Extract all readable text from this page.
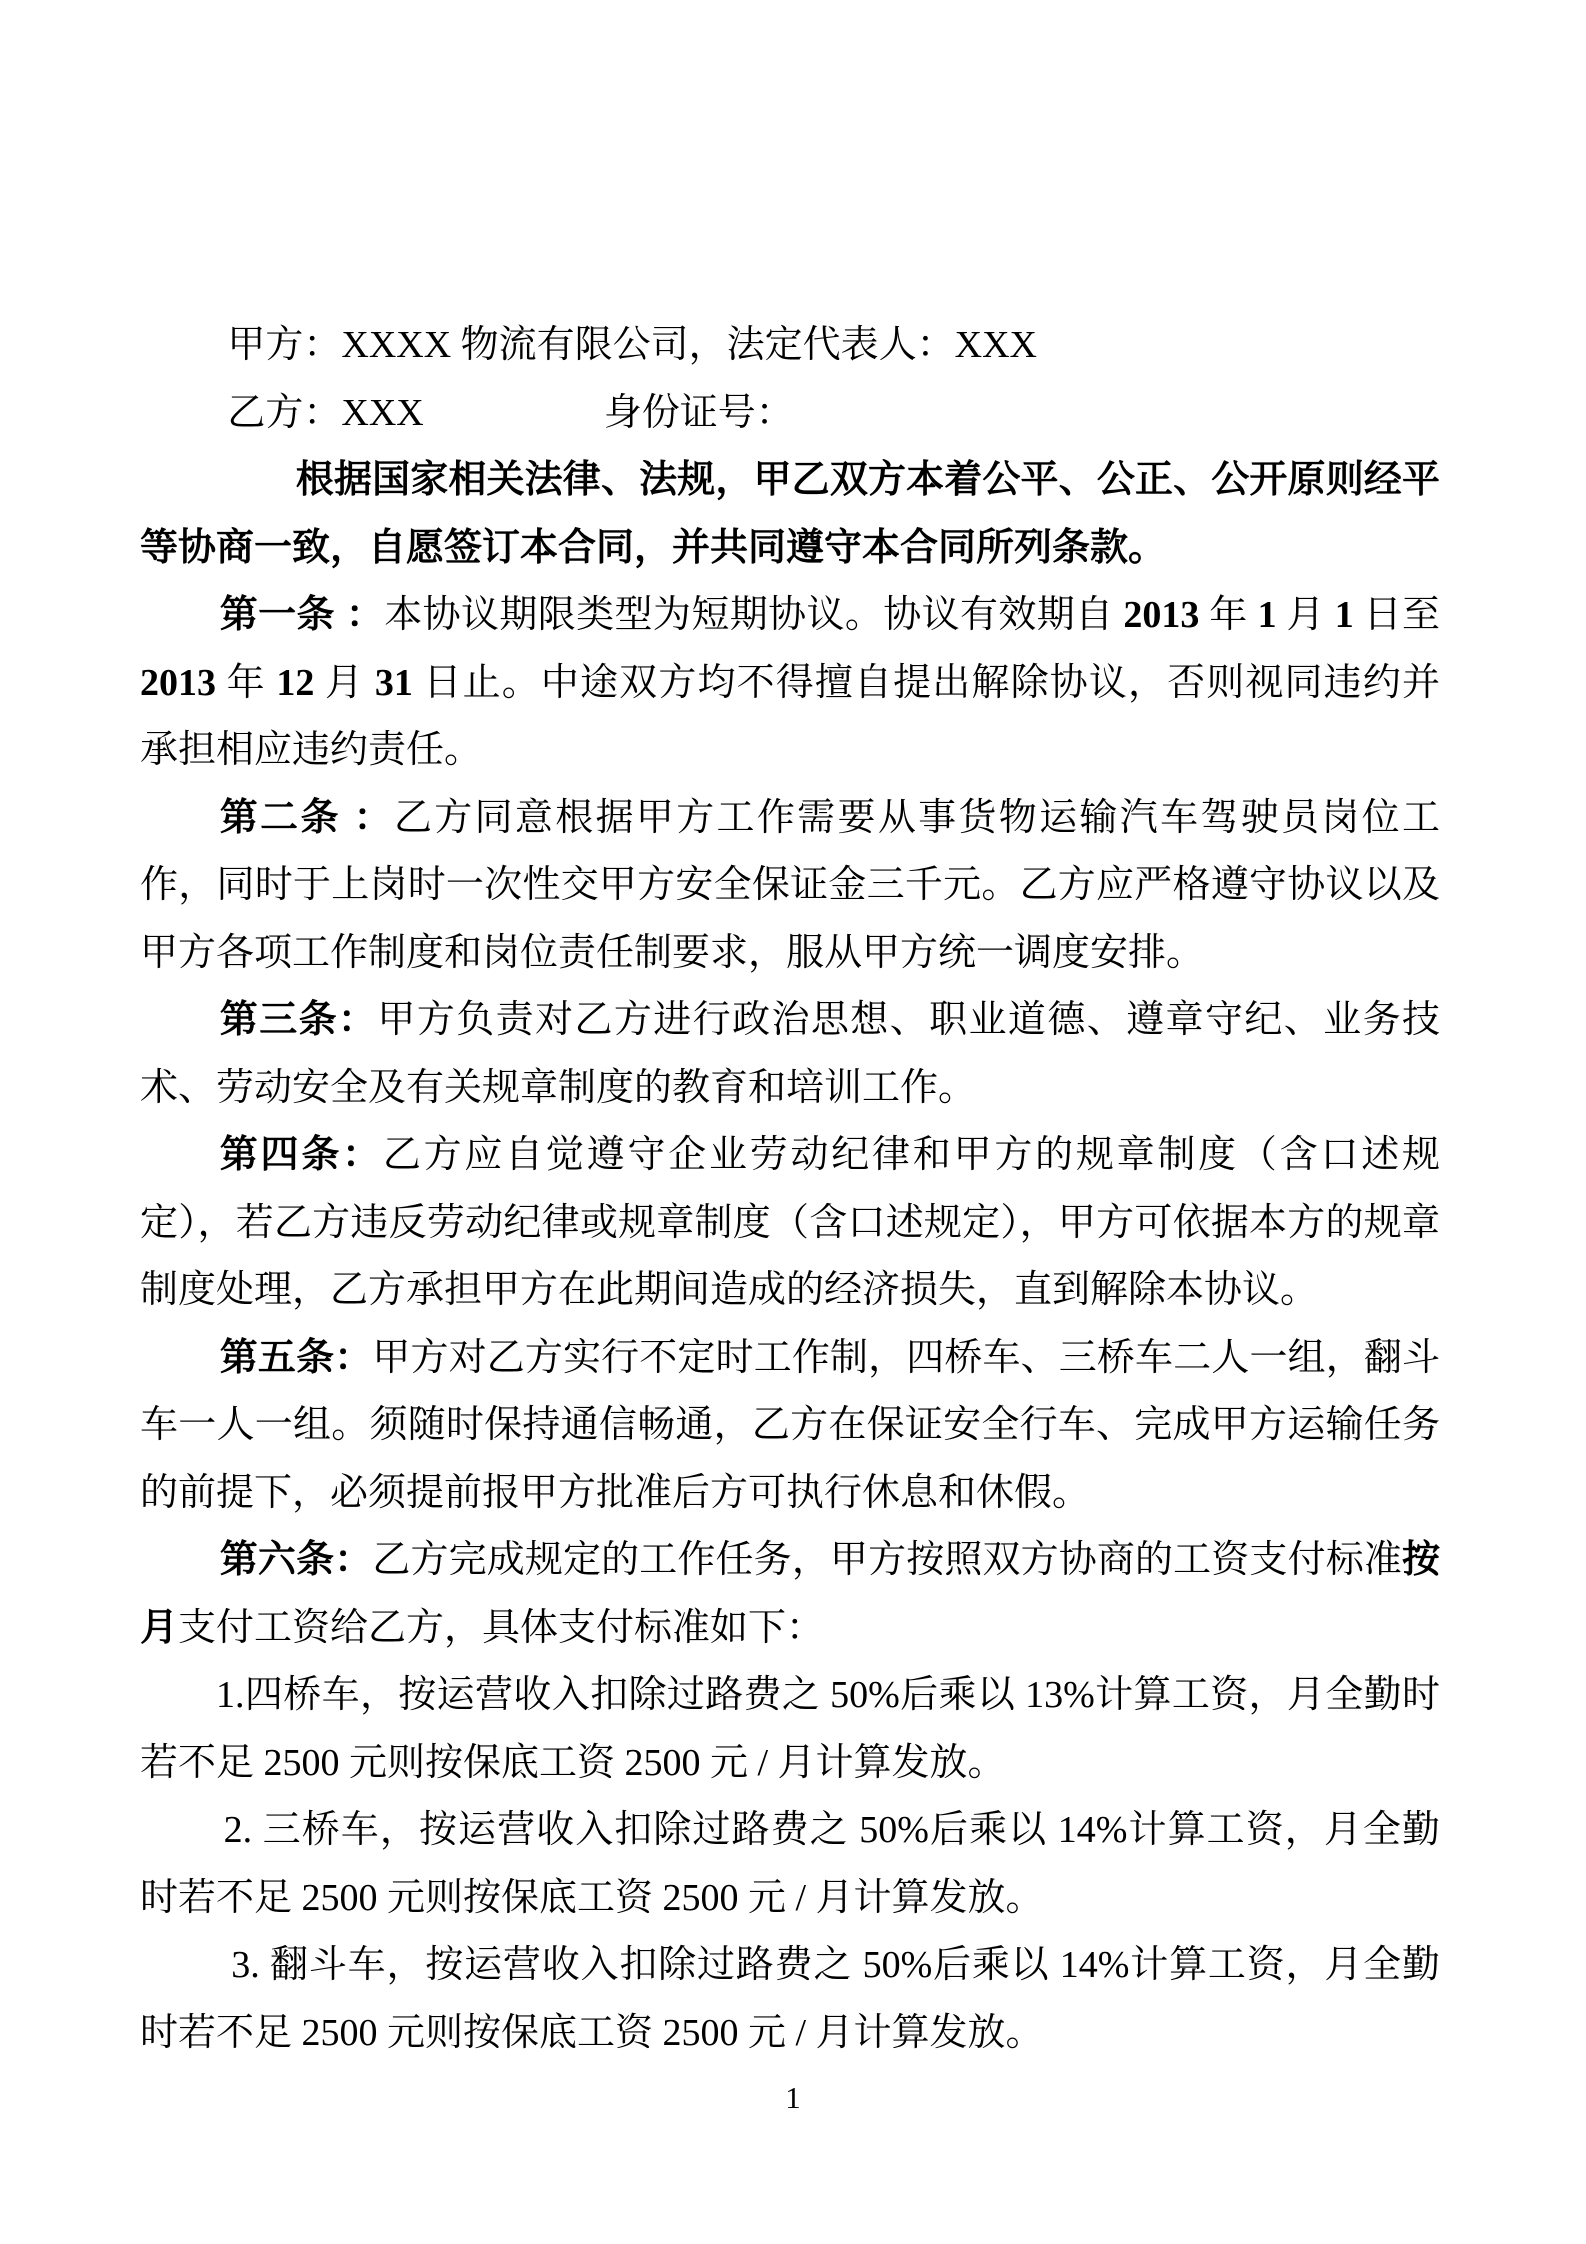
甲方：XXXX 物流有限公司，法定代表人：XXX

乙方：XXX	身份证号：

根据国家相关法律、法规，甲乙双方本着公平、公正、公开原则经平等协商一致，自愿签订本合同，并共同遵守本合同所列条款。

第一条 ：本协议期限类型为短期协议。协议有效期自 2013 年 1 月 1 日至 2013 年 12 月 31 日止。中途双方均不得擅自提出解除协议，否则视同违约并承担相应违约责任。

第二条 ：乙方同意根据甲方工作需要从事货物运输汽车驾驶员岗位工作，同时于上岗时一次性交甲方安全保证金三千元。乙方应严格遵守协议以及甲方各项工作制度和岗位责任制要求，服从甲方统一调度安排。

第三条：甲方负责对乙方进行政治思想、职业道德、遵章守纪、业务技术、劳动安全及有关规章制度的教育和培训工作。

第四条：乙方应自觉遵守企业劳动纪律和甲方的规章制度（含口述规定），若乙方违反劳动纪律或规章制度（含口述规定），甲方可依据本方的规章制度处理，乙方承担甲方在此期间造成的经济损失，直到解除本协议。

第五条：甲方对乙方实行不定时工作制，四桥车、三桥车二人一组，翻斗车一人一组。须随时保持通信畅通，乙方在保证安全行车、完成甲方运输任务的前提下，必须提前报甲方批准后方可执行休息和休假。

第六条：乙方完成规定的工作任务，甲方按照双方协商的工资支付标准按月支付工资给乙方，具体支付标准如下：

1.四桥车，按运营收入扣除过路费之 50%后乘以 13%计算工资，月全勤时若不足 2500 元则按保底工资 2500 元 / 月计算发放。

2. 三桥车，按运营收入扣除过路费之 50%后乘以 14%计算工资，月全勤时若不足 2500 元则按保底工资 2500 元 / 月计算发放。

3. 翻斗车，按运营收入扣除过路费之 50%后乘以 14%计算工资，月全勤时若不足 2500 元则按保底工资 2500 元 / 月计算发放。

1
